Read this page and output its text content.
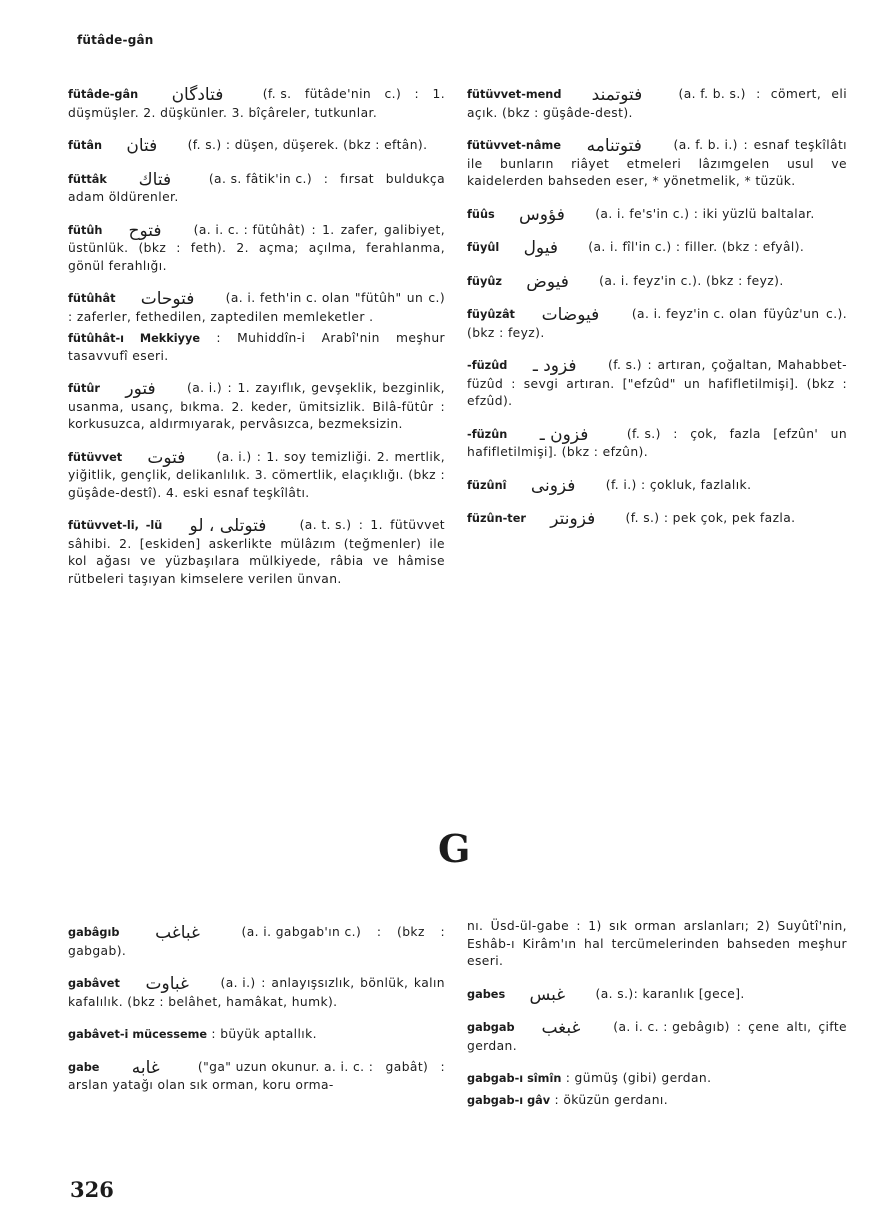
fütâde-gân

fütâde-gân فتادگان	(f. s. fütâde'nin c.) : 1. düşmüşler. 2. düşkünler. 3. bîçâreler, tutkunlar.

fütân فتان (f. s.) : düşen, düşerek. (bkz : eftân).

füttâk فتاك	(a. s. fâtik'in c.) : fırsat buldukça adam öldürenler.

fütûh فتوح	(a. i. c. : fütûhât) : 1. zafer, galibiyet, üstünlük. (bkz : feth). 2. açma; açılma, ferahlanma, gönül ferahlığı.

fütûhât فتوحات	(a. i. feth'in c. olan "fütûh" un c.) : zaferler, fethedilen, zaptedilen memleketler .

fütûhât-ı Mekkiyye : Muhiddîn-i Arabî'nin meşhur tasavvufî eseri.

fütûr فتور	(a. i.) : 1. zayıflık, gevşeklik, bezginlik, usanma, usanç, bıkma. 2. keder, ümitsizlik. Bilâ-fütûr : korkusuzca, aldırmıyarak, pervâsızca, bezmeksizin.

fütüvvet فتوت	(a. i.) : 1. soy temizliği. 2. mertlik, yiğitlik, gençlik, delikanlılık. 3. cömertlik, elaçıklığı. (bkz : güşâde-destî). 4. eski esnaf teşkîlâtı.

fütüvvet-li, -lü فتوتلی ، لو	(a. t. s.) : 1. fütüvvet sâhibi. 2. [eskiden] askerlikte mülâzım (teğmenler) ile kol ağası ve yüzbaşılara mülkiyede, râbia ve hâmise rütbeleri taşıyan kimselere verilen ünvan.

fütüvvet-mend فتوتمند	(a. f. b. s.) : cömert, eli açık. (bkz : güşâde-dest).

fütüvvet-nâme فتوتنامه	(a. f. b. i.) : esnaf teşkîlâtı ile bunların riâyet etmeleri lâzımgelen usul ve kaidelerden bahseden eser, * yönetmelik, * tüzük.

füûs فؤوس (a. i. fe's'in c.) : iki yüzlü baltalar.

füyûl فيول (a. i. fîl'in c.) : filler. (bkz : efyâl).

füyûz فيوض (a. i. feyz'in c.). (bkz : feyz).

füyûzât فيوضات	(a. i. feyz'in c. olan füyûz'un c.). (bkz : feyz).

-füzûd فزود ـ	(f. s.) : artıran, çoğaltan, Mahabbet-füzûd : sevgi artıran. ["efzûd" un hafifletilmişi]. (bkz : efzûd).

-füzûn فزون ـ	(f. s.) : çok, fazla [efzûn' un hafifletilmişi]. (bkz : efzûn).

füzûnî فزونى (f. i.) : çokluk, fazlalık.

füzûn-ter فزونتر (f. s.) : pek çok, pek fazla.

G

gabâgıb غباغب	(a. i. gabgab'ın c.) : (bkz : gabgab).

gabâvet غباوت	(a. i.) : anlayışsızlık, bönlük, kalın kafalılık. (bkz : belâhet, hamâkat, humk).

gabâvet-i mücesseme : büyük aptallık.

gabe غابه	("ga" uzun okunur. a. i. c. : gabât) : arslan yatağı olan sık orman, koru orma-

nı. Üsd-ül-gabe : 1) sık orman arslanları; 2) Suyûtî'nin, Eshâb-ı Kirâm'ın hal tercümelerinden bahseden meşhur eseri.

gabes غبس (a. s.): karanlık [gece].

gabgab غبغب	(a. i. c. : gebâgıb) : çene altı, çifte gerdan.

gabgab-ı sîmîn : gümüş (gibi) gerdan.

gabgab-ı gâv : öküzün gerdanı.

326
